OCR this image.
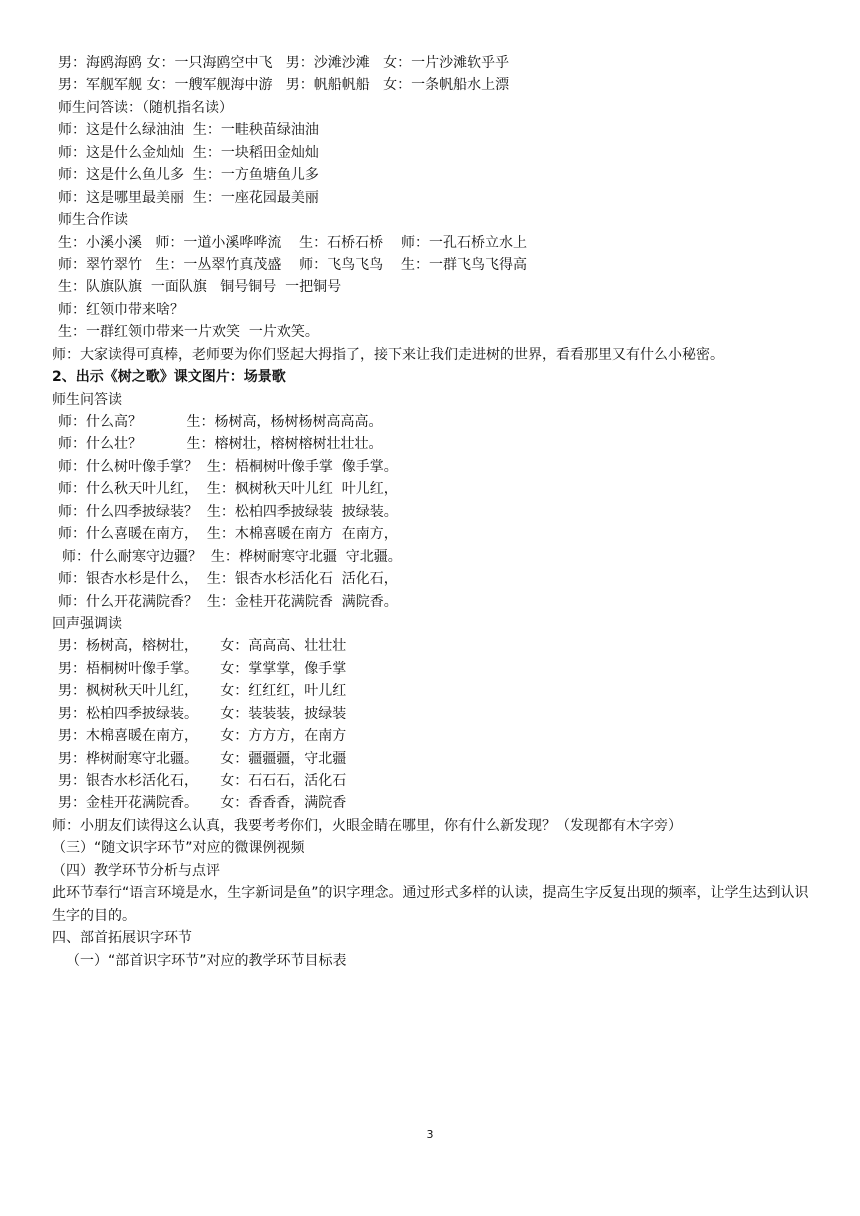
男：海鸥海鸥 女：一只海鸥空中飞   男：沙滩沙滩   女：一片沙滩软乎乎
男：军舰军舰 女：一艘军舰海中游   男：帆船帆船   女：一条帆船水上漂
师生问答读：（随机指名读）
师：这是什么绿油油  生：一畦秧苗绿油油
师：这是什么金灿灿  生：一块稻田金灿灿
师：这是什么鱼儿多  生：一方鱼塘鱼儿多
师：这是哪里最美丽  生：一座花园最美丽
师生合作读
生：小溪小溪   师：一道小溪哗哗流    生：石桥石桥    师：一孔石桥立水上
师：翠竹翠竹   生：一丛翠竹真茂盛    师：飞鸟飞鸟    生：一群飞鸟飞得高
生：队旗队旗  一面队旗   铜号铜号  一把铜号
师：红领巾带来啥？
生：一群红领巾带来一片欢笑  一片欢笑。
师：大家读得可真棒，老师要为你们竖起大拇指了，接下来让我们走进树的世界，看看那里又有什么小秘密。
2、出示《树之歌》课文图片：场景歌
师生问答读
师：什么高？          生：杨树高，杨树杨树高高高。
师：什么壮？          生：榕树壮，榕树榕树壮壮壮。
师：什么树叶像手掌？  生：梧桐树叶像手掌  像手掌。
师：什么秋天叶儿红，  生：枫树秋天叶儿红  叶儿红，
师：什么四季披绿装？  生：松柏四季披绿装  披绿装。
师：什么喜暖在南方，  生：木棉喜暖在南方  在南方，
师：什么耐寒守边疆？  生：桦树耐寒守北疆  守北疆。
师：银杏水杉是什么，  生：银杏水杉活化石  活化石，
师：什么开花满院香？  生：金桂开花满院香  满院香。
回声强调读
男：杨树高，榕树壮，     女：高高高、壮壮壮
男：梧桐树叶像手掌。     女：掌掌掌，像手掌
男：枫树秋天叶儿红，     女：红红红，叶儿红
男：松柏四季披绿装。     女：装装装，披绿装
男：木棉喜暖在南方，     女：方方方，在南方
男：桦树耐寒守北疆。     女：疆疆疆，守北疆
男：银杏水杉活化石，     女：石石石，活化石
男：金桂开花满院香。     女：香香香，满院香
师：小朋友们读得这么认真，我要考考你们，火眼金睛在哪里，你有什么新发现？（发现都有木字旁）
（三）“随文识字环节”对应的微课例视频
（四）教学环节分析与点评
此环节奉行“语言环境是水，生字新词是鱼”的识字理念。通过形式多样的认读，提高生字反复出现的频率，让学生达到认识生字的目的。
四、部首拓展识字环节
（一）“部首识字环节”对应的教学环节目标表
3
